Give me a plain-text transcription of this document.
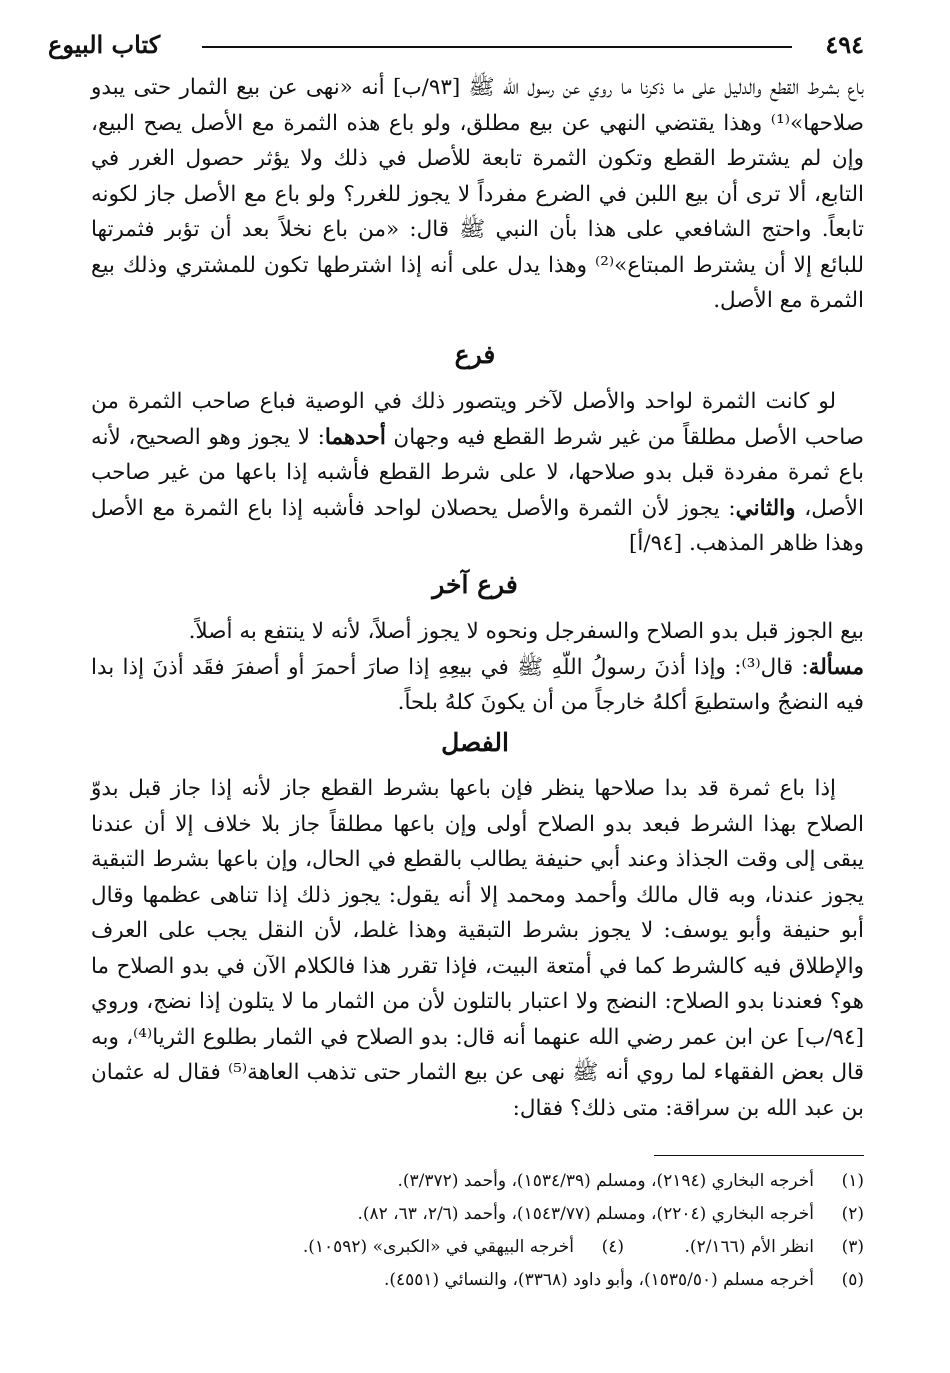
كتاب البيوع	٤٩٤

باع بشرط القطع والدليل على ما ذكرنا ما روي عن رسول الله ﷺ [٩٣/ب] أنه «نهى عن بيع الثمار حتى يبدو صلاحها»⁽¹⁾ وهذا يقتضي النهي عن بيع مطلق، ولو باع هذه الثمرة مع الأصل يصح البيع، وإن لم يشترط القطع وتكون الثمرة تابعة للأصل في ذلك ولا يؤثر حصول الغرر في التابع، ألا ترى أن بيع اللبن في الضرع مفرداً لا يجوز للغرر؟ ولو باع مع الأصل جاز لكونه تابعاً. واحتج الشافعي على هذا بأن النبي ﷺ قال: «من باع نخلاً بعد أن تؤبر فثمرتها للبائع إلا أن يشترط المبتاع»⁽²⁾ وهذا يدل على أنه إذا اشترطها تكون للمشتري وذلك بيع الثمرة مع الأصل.

فرع

لو كانت الثمرة لواحد والأصل لآخر ويتصور ذلك في الوصية فباع صاحب الثمرة من صاحب الأصل مطلقاً من غير شرط القطع فيه وجهان أحدهما: لا يجوز وهو الصحيح، لأنه باع ثمرة مفردة قبل بدو صلاحها، لا على شرط القطع فأشبه إذا باعها من غير صاحب الأصل، والثاني: يجوز لأن الثمرة والأصل يحصلان لواحد فأشبه إذا باع الثمرة مع الأصل وهذا ظاهر المذهب. [٩٤/أ]

فرع آخر

بيع الجوز قبل بدو الصلاح والسفرجل ونحوه لا يجوز أصلاً، لأنه لا ينتفع به أصلاً.

مسألة: قال⁽³⁾: وإذا أذنَ رسولُ اللّهِ ﷺ في بيعِهِ إذا صارَ أحمرَ أو أصفرَ فقَد أذنَ إذا بدا فيه النضجُ واستطيعَ أكلهُ خارجاً من أن يكونَ كلهُ بلحاً.

الفصل

إذا باع ثمرة قد بدا صلاحها ينظر فإن باعها بشرط القطع جاز لأنه إذا جاز قبل بدوّ الصلاح بهذا الشرط فبعد بدو الصلاح أولى وإن باعها مطلقاً جاز بلا خلاف إلا أن عندنا يبقى إلى وقت الجذاذ وعند أبي حنيفة يطالب بالقطع في الحال، وإن باعها بشرط التبقية يجوز عندنا، وبه قال مالك وأحمد ومحمد إلا أنه يقول: يجوز ذلك إذا تناهى عظمها وقال أبو حنيفة وأبو يوسف: لا يجوز بشرط التبقية وهذا غلط، لأن النقل يجب على العرف والإطلاق فيه كالشرط كما في أمتعة البيت، فإذا تقرر هذا فالكلام الآن في بدو الصلاح ما هو؟ فعندنا بدو الصلاح: النضج ولا اعتبار بالتلون لأن من الثمار ما لا يتلون إذا نضج، وروي [٩٤/ب] عن ابن عمر رضي الله عنهما أنه قال: بدو الصلاح في الثمار بطلوع الثريا⁽⁴⁾، وبه قال بعض الفقهاء لما روي أنه ﷺ نهى عن بيع الثمار حتى تذهب العاهة⁽⁵⁾ فقال له عثمان بن عبد الله بن سراقة: متى ذلك؟ فقال:

(١)
أخرجه البخاري (٢١٩٤)، ومسلم (١٥٣٤/٣٩)، وأحمد (٣/٣٧٢).
(٢)
أخرجه البخاري (٢٢٠٤)، ومسلم (١٥٤٣/٧٧)، وأحمد (٢/٦، ٦٣، ٨٢).
(٣)
انظر الأم (٢/١٦٦).
(٤)
أخرجه البيهقي في «الكبرى» (١٠٥٩٢).
(٥)
أخرجه مسلم (١٥٣٥/٥٠)، وأبو داود (٣٣٦٨)، والنسائي (٤٥٥١).
